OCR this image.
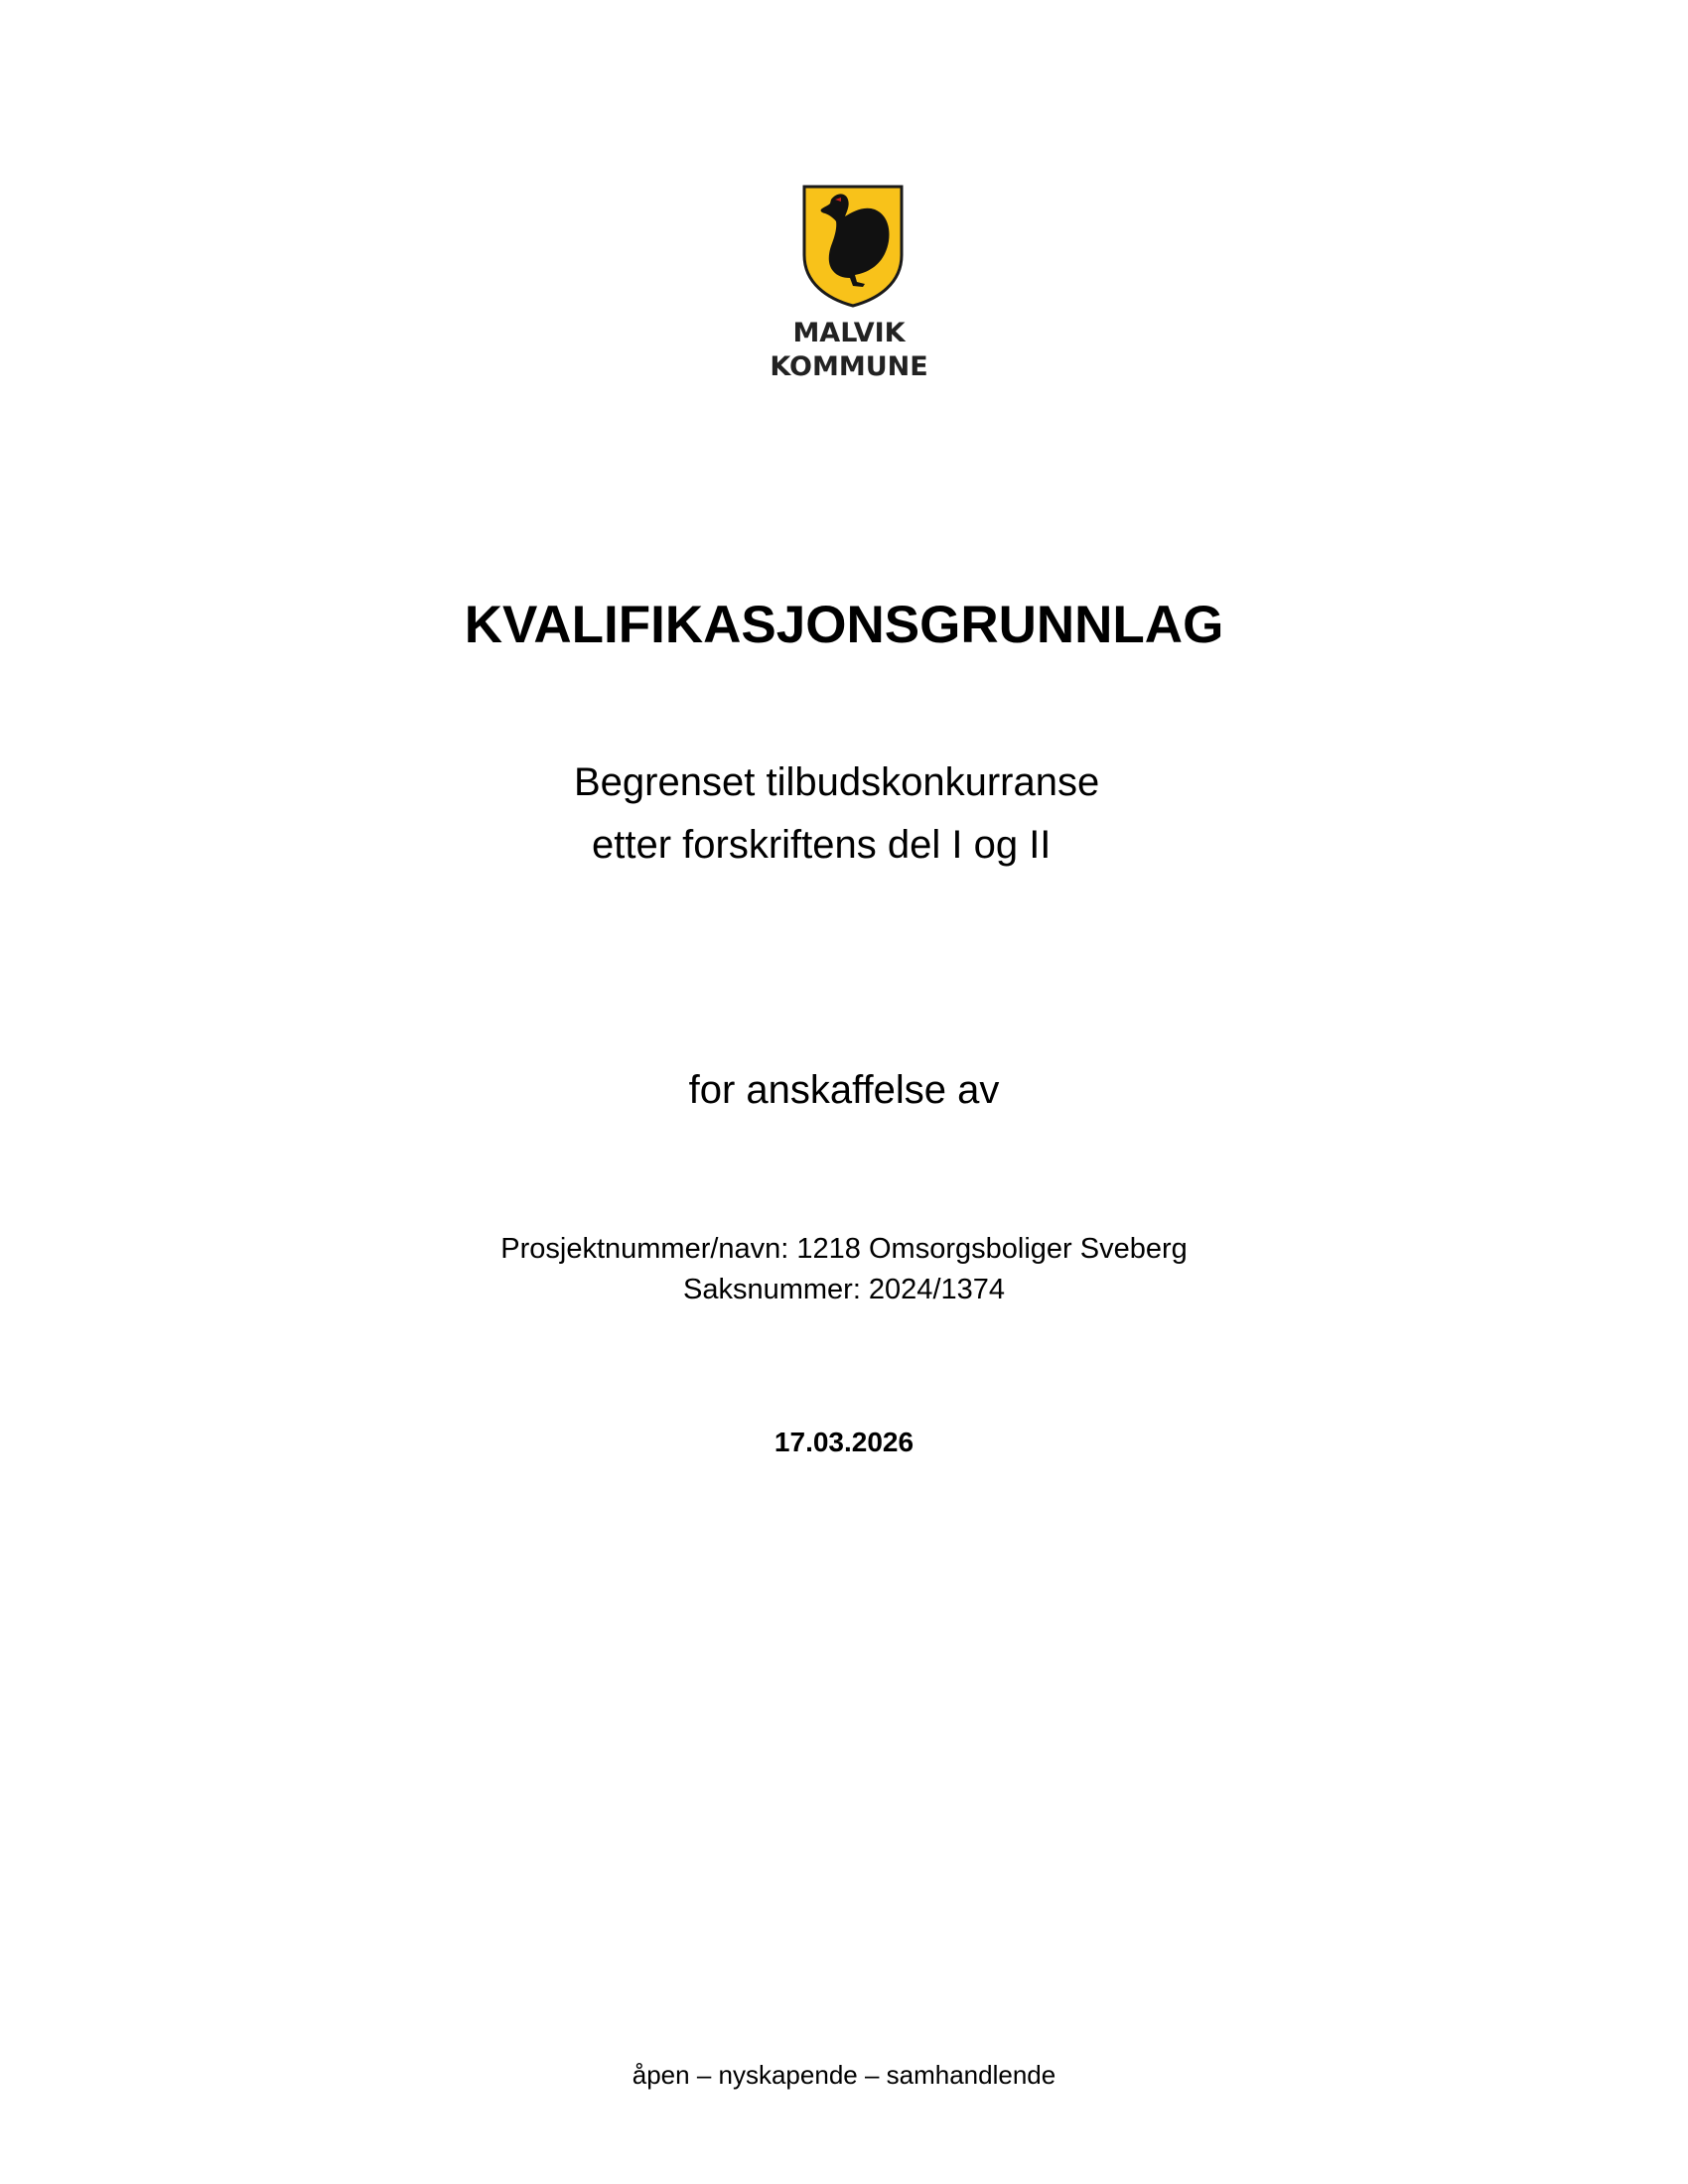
MALVIK
KOMMUNE
KVALIFIKASJONSGRUNNLAG
Begrenset tilbudskonkurranse
etter forskriftens del I og II
for anskaffelse av
Prosjektnummer/navn: 1218 Omsorgsboliger Sveberg
Saksnummer: 2024/1374
17.03.2026
åpen – nyskapende – samhandlende
